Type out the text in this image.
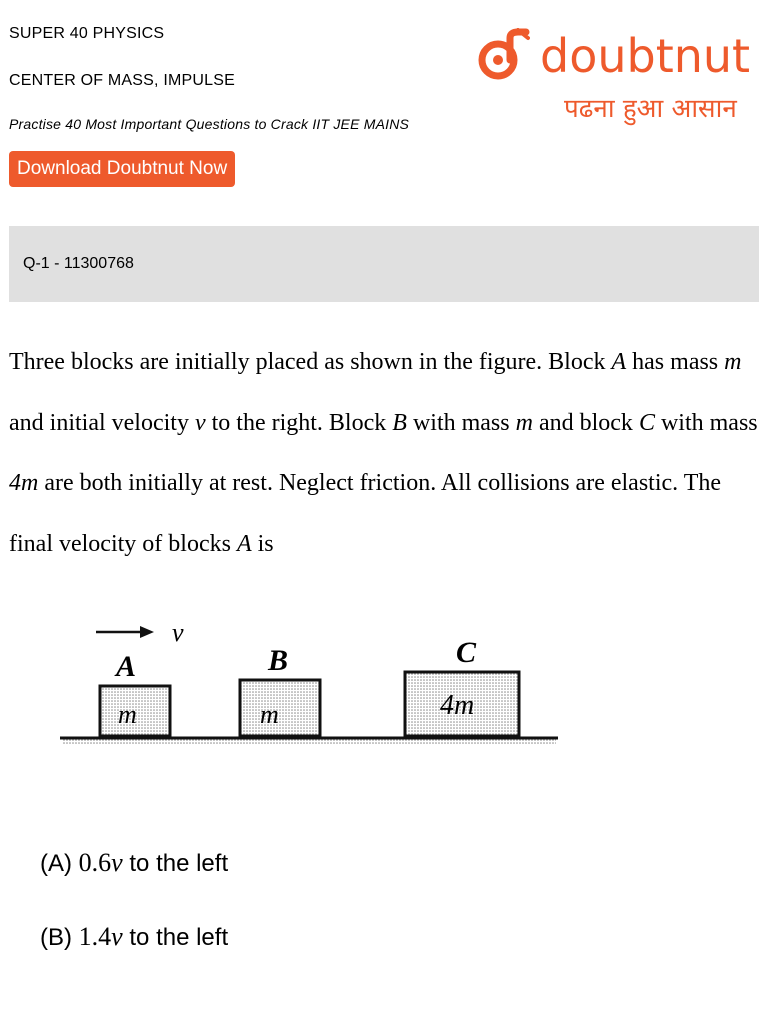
SUPER 40 PHYSICS
CENTER OF MASS, IMPULSE
Practise 40 Most Important Questions to Crack IIT JEE MAINS
Download Doubtnut Now
doubtnut
पढना हुआ आसान
Q-1 - 11300768
Three blocks are initially placed as shown in the figure. Block A has mass m and initial velocity v to the right. Block B with mass m and block C with mass 4m are both initially at rest. Neglect friction. All collisions are elastic. The final velocity of blocks A is
v
A
m
B
m
C
4m
(A) 0.6v to the left
(B) 1.4v to the left
